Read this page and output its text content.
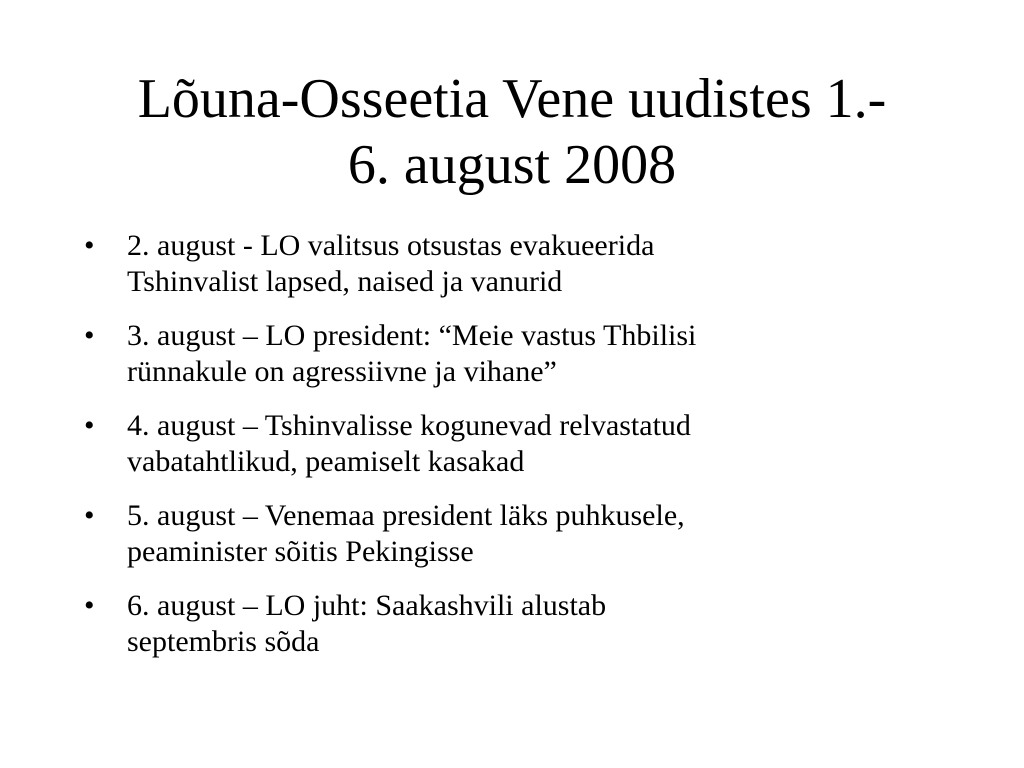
Lõuna-Osseetia Vene uudistes 1.-
6. august 2008
• 2. august - LO valitsus otsustas evakueerida
Tshinvalist lapsed, naised ja vanurid
• 3. august – LO president: “Meie vastus Thbilisi
rünnakule on agressiivne ja vihane”
• 4. august – Tshinvalisse kogunevad relvastatud
vabatahtlikud, peamiselt kasakad
• 5. august – Venemaa president läks puhkusele,
peaminister sõitis Pekingisse
• 6. august – LO juht: Saakashvili alustab
septembris sõda
